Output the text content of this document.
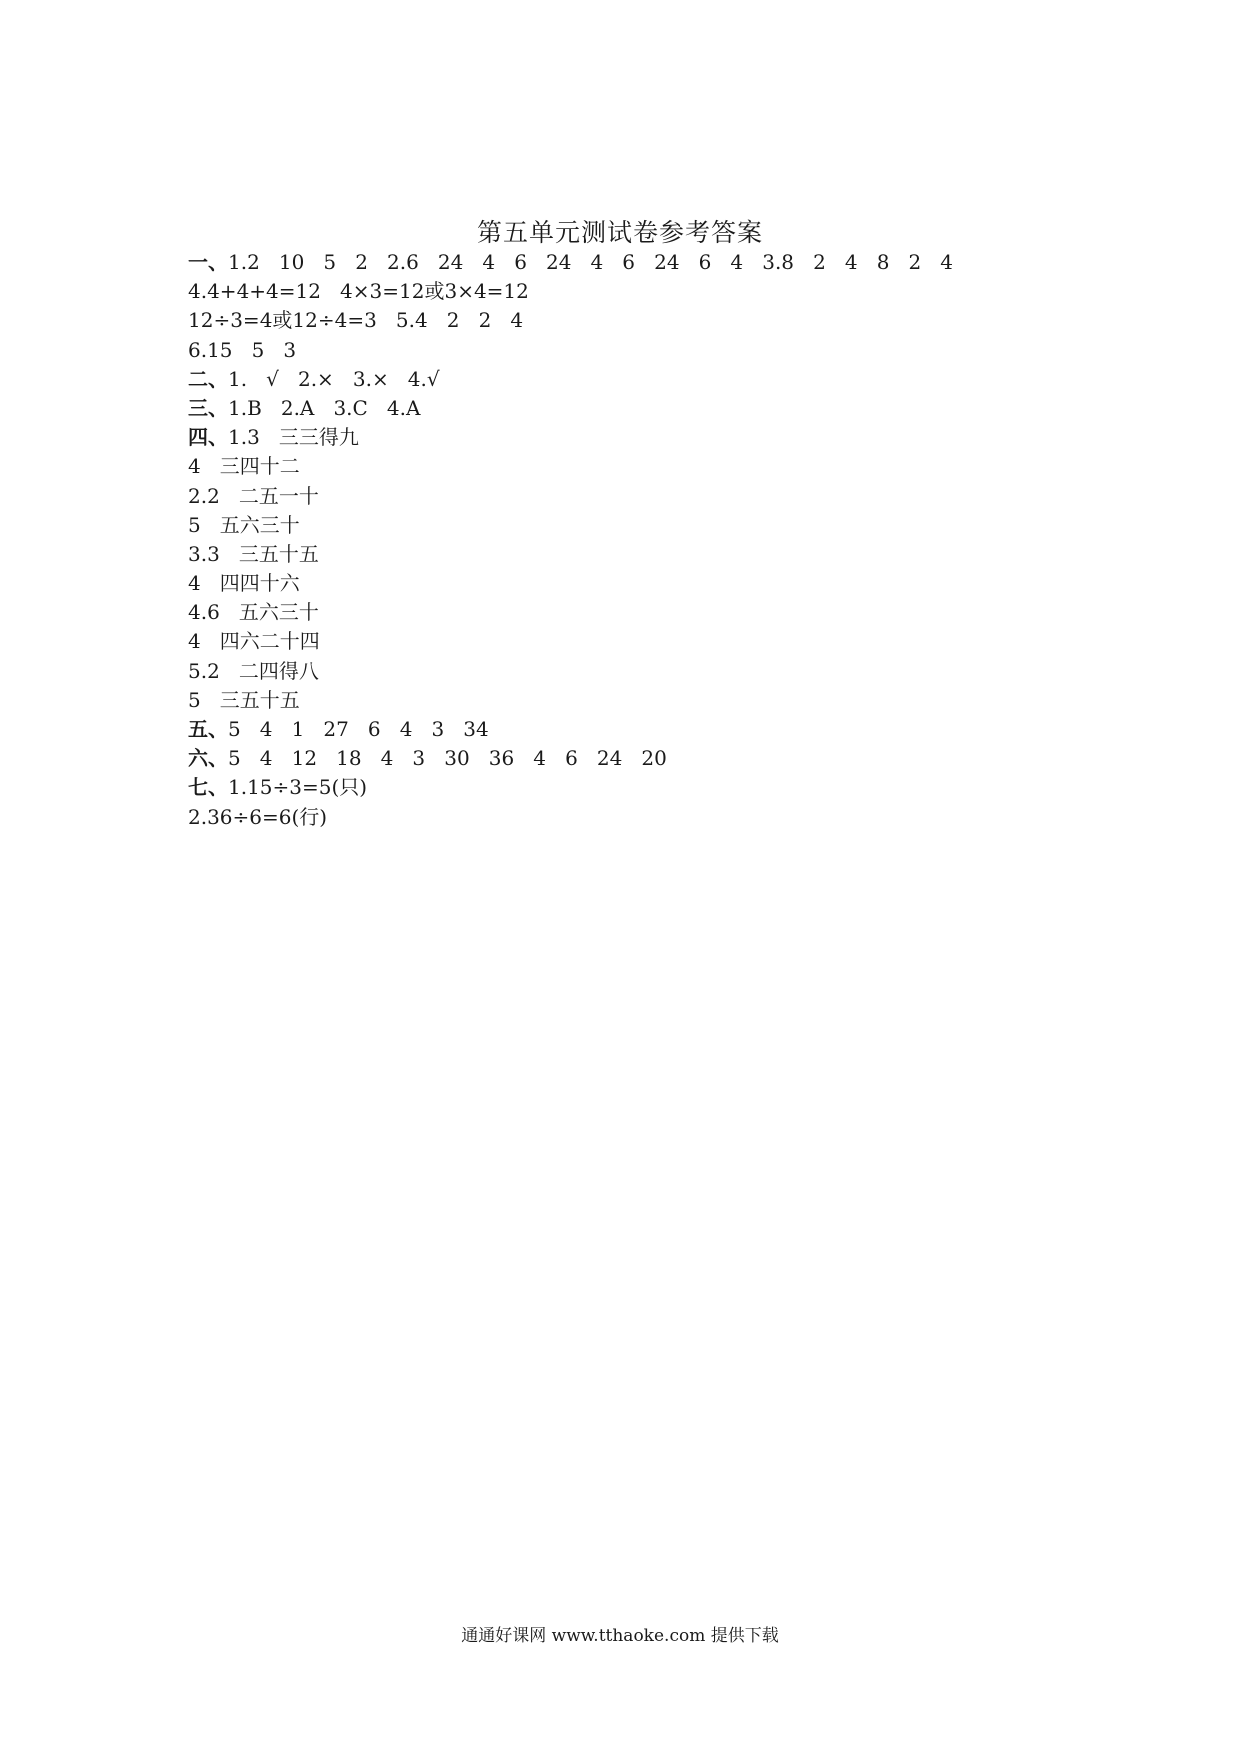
第五单元测试卷参考答案
一、1.2   10   5   2   2.6   24   4   6   24   4   6   24   6   4   3.8   2   4   8   2   4
4.4+4+4=12   4×3=12或3×4=12
12÷3=4或12÷4=3   5.4   2   2   4
6.15   5   3
二、1.   √   2.×   3.×   4.√
三、1.B   2.A   3.C   4.A
四、1.3   三三得九
4   三四十二
2.2   二五一十
5   五六三十
3.3   三五十五
4   四四十六
4.6   五六三十
4   四六二十四
5.2   二四得八
5   三五十五
五、5   4   1   27   6   4   3   34
六、5   4   12   18   4   3   30   36   4   6   24   20
七、1.15÷3=5(只)
2.36÷6=6(行)
通通好课网 www.tthaoke.com 提供下载
